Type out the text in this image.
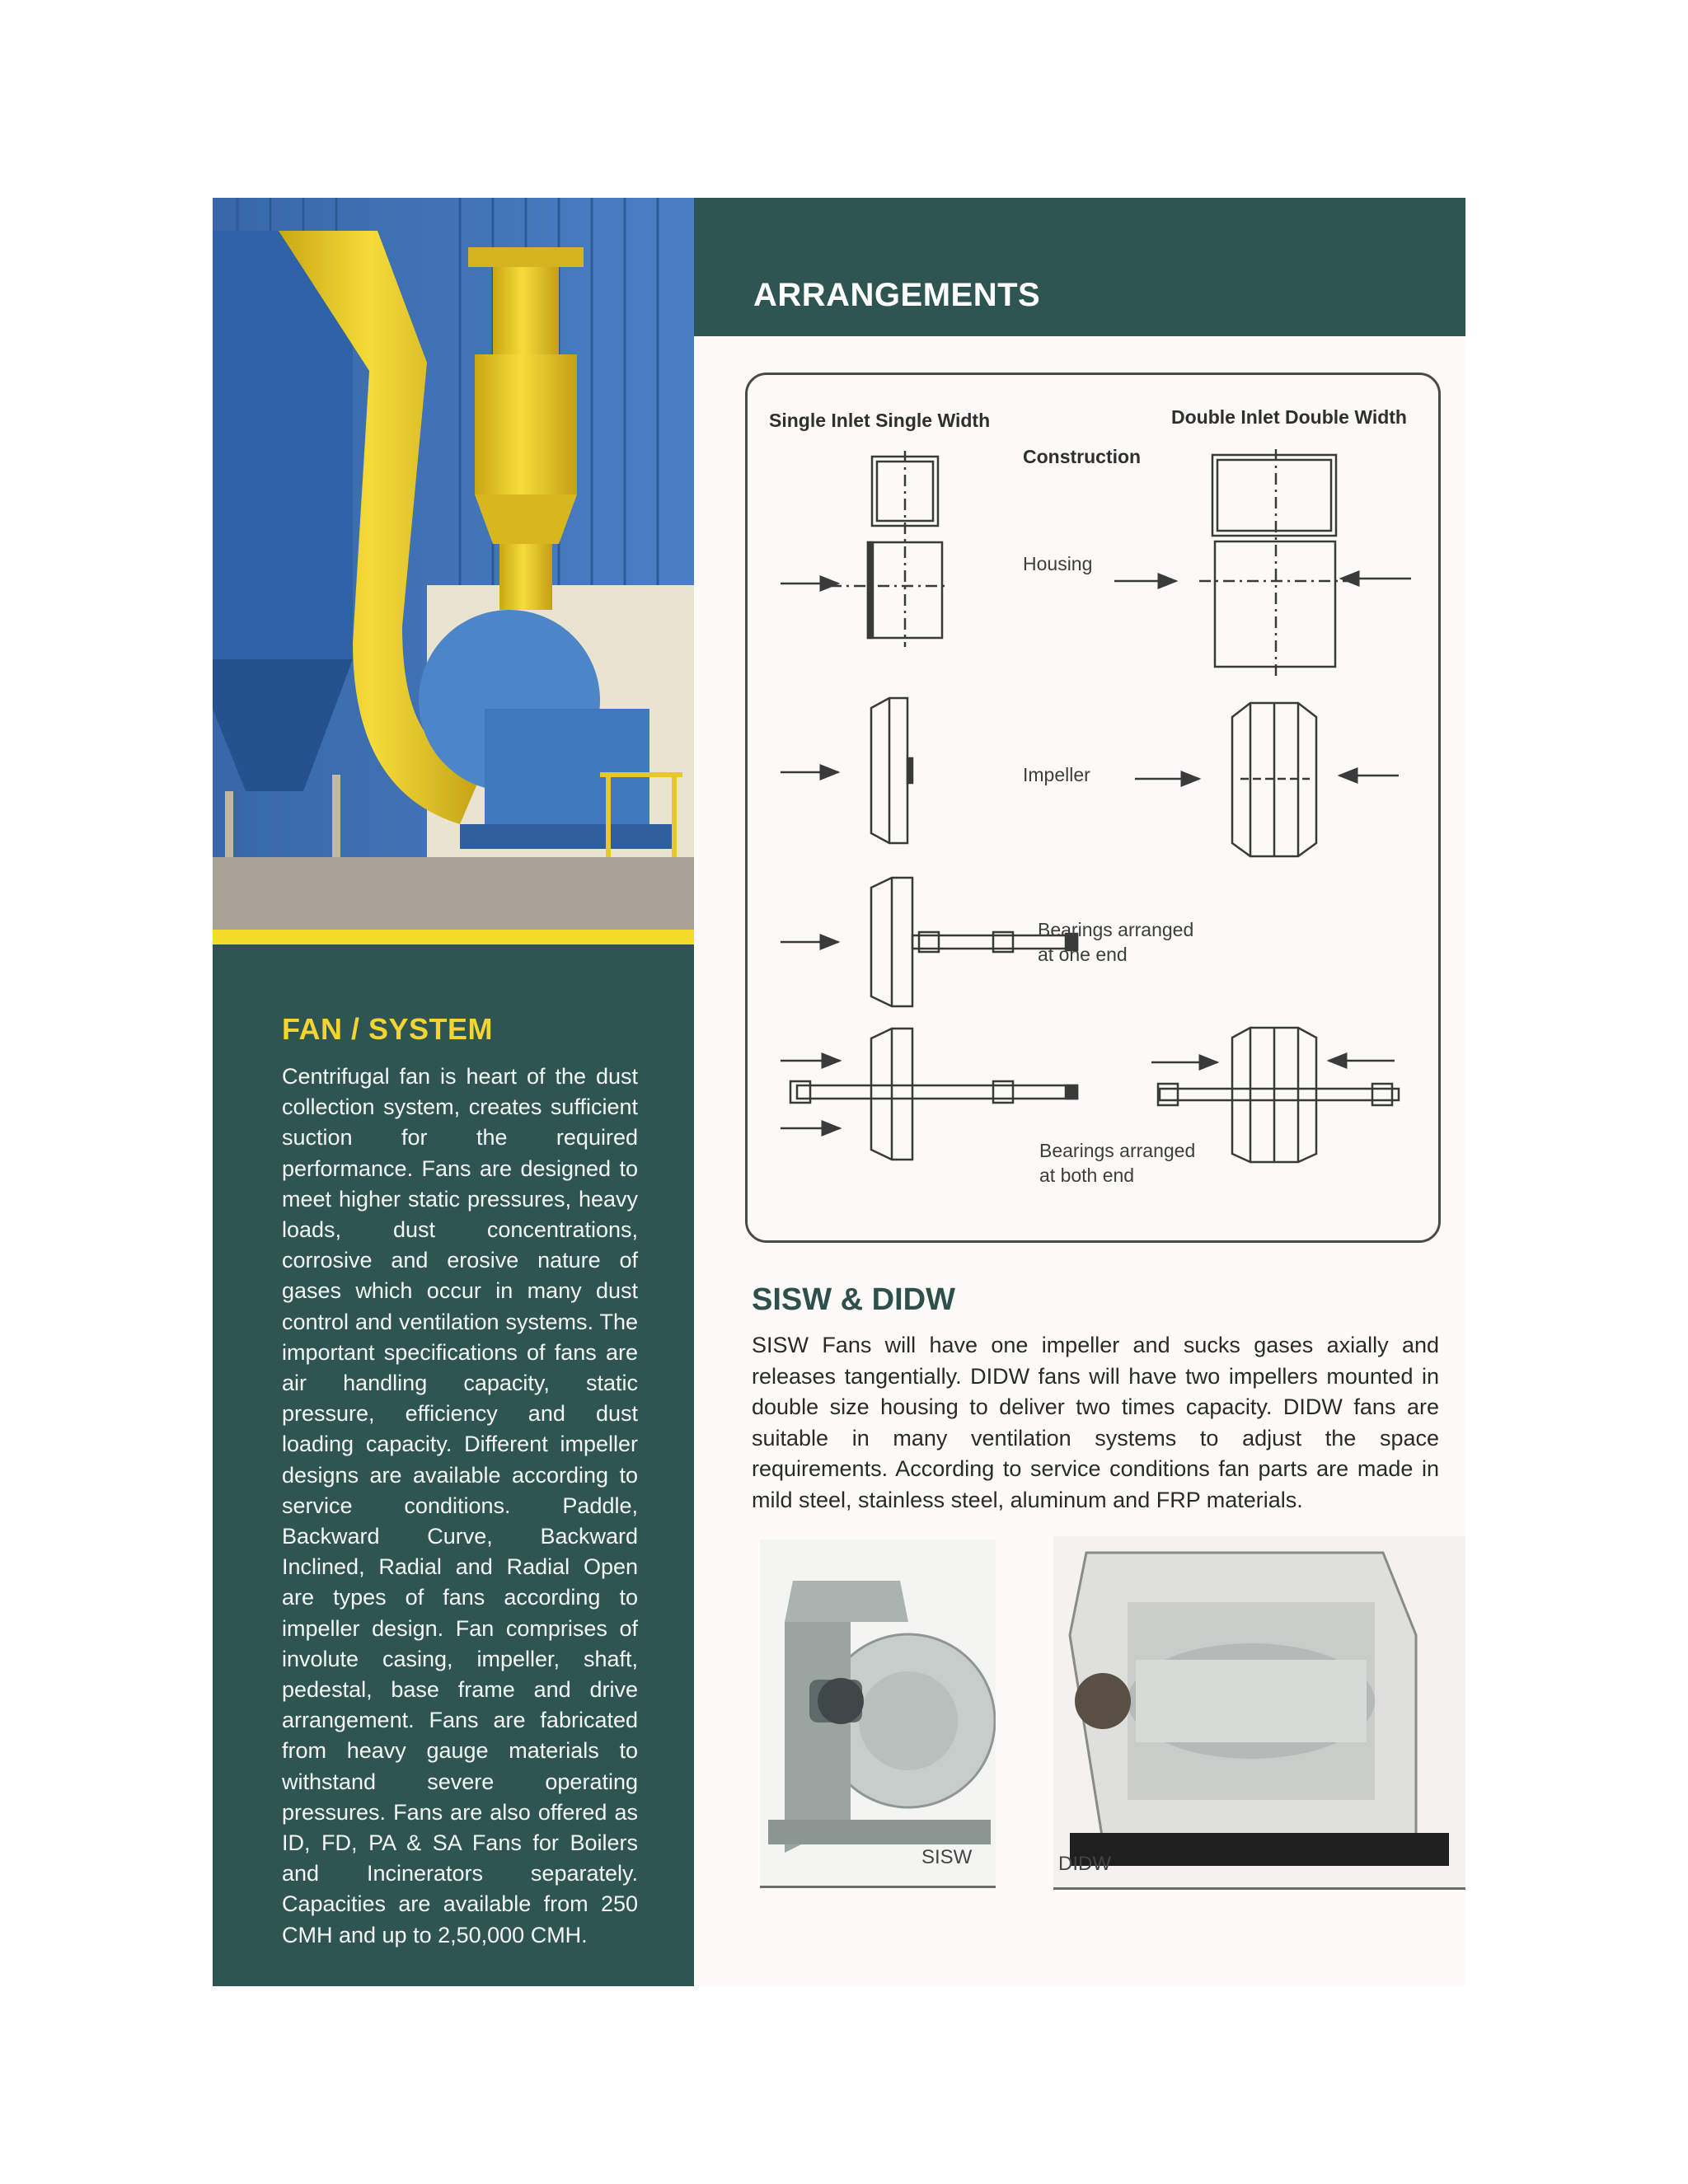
FAN / SYSTEM

Centrifugal fan is heart of the dust collection system, creates sufficient suction for the required performance. Fans are designed to meet higher static pressures, heavy loads, dust concentrations, corrosive and erosive nature of gases which occur in many dust control and ventilation systems. The important specifications of fans are air handling capacity, static pressure, efficiency and dust loading capacity. Different impeller designs are available according to service conditions. Paddle, Backward Curve, Backward Inclined, Radial and Radial Open are types of fans according to impeller design. Fan comprises of involute casing, impeller, shaft, pedestal, base frame and drive arrangement. Fans are fabricated from heavy gauge materials to withstand severe operating pressures. Fans are also offered as ID, FD, PA & SA Fans for Boilers and Incinerators separately. Capacities are available from 250 CMH and up to 2,50,000 CMH.

ARRANGEMENTS
Single Inlet Single Width	Double Inlet Double Width
Construction
Housing
Impeller
Bearings arranged
at one end
Bearings arranged
at both end
SISW & DIDW

SISW Fans will have one impeller and sucks gases axially and releases tangentially. DIDW fans will have two impellers mounted in double size housing to deliver two times capacity. DIDW fans are suitable in many ventilation systems to adjust the space requirements. According to service conditions fan parts are made in mild steel, stainless steel, aluminum and FRP materials.

SISW	DIDW
